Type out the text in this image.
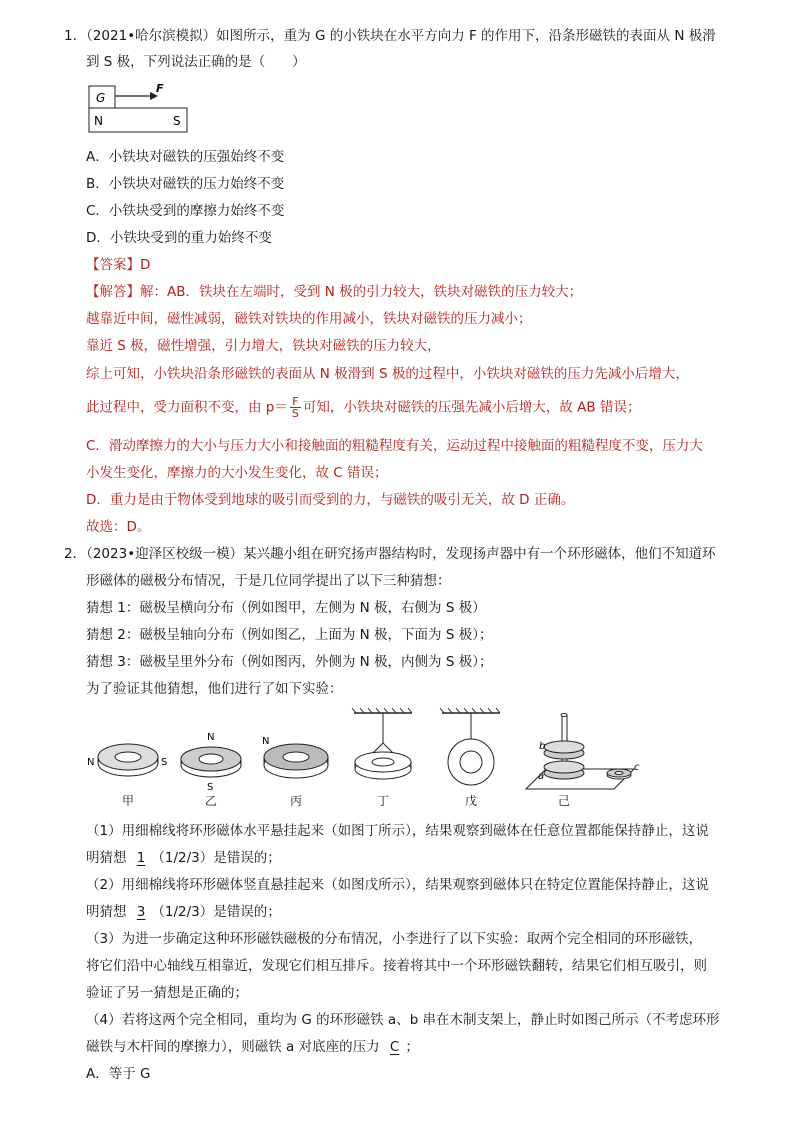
1．（2021•哈尔滨模拟）如图所示，重为 G 的小铁块在水平方向力 F 的作用下，沿条形磁铁的表面从 N 极滑
到 S 极，下列说法正确的是（　　）
G
F
N	S
A．小铁块对磁铁的压强始终不变
B．小铁块对磁铁的压力始终不变
C．小铁块受到的摩擦力始终不变
D．小铁块受到的重力始终不变
【答案】D
【解答】解：AB．铁块在左端时，受到 N 极的引力较大，铁块对磁铁的压力较大；
越靠近中间，磁性减弱，磁铁对铁块的作用减小，铁块对磁铁的压力减小；
靠近 S 极，磁性增强，引力增大，铁块对磁铁的压力较大，
综上可知，小铁块沿条形磁铁的表面从 N 极滑到 S 极的过程中，小铁块对磁铁的压力先减小后增大，
此过程中，受力面积不变，由 $p= \frac{F}{S}$ 可知，小铁块对磁铁的压强先减小后增大，故 AB 错误；
C．滑动摩擦力的大小与压力大小和接触面的粗糙程度有关，运动过程中接触面的粗糙程度不变，压力大
小发生变化，摩擦力的大小发生变化，故 C 错误；
D．重力是由于物体受到地球的吸引而受到的力，与磁铁的吸引无关，故 D 正确。
故选：D。
2．（2023•迎泽区校级一模）某兴趣小组在研究扬声器结构时，发现扬声器中有一个环形磁体，他们不知道环
形磁体的磁极分布情况，于是几位同学提出了以下三种猜想：
猜想 1：磁极呈横向分布（例如图甲，左侧为 N 极，右侧为 S 极）
猜想 2：磁极呈轴向分布（例如图乙，上面为 N 极，下面为 S 极）；
猜想 3：磁极呈里外分布（例如图丙，外侧为 N 极，内侧为 S 极）；
为了验证其他猜想，他们进行了如下实验：
N	S
N
S
N	b
a
c
甲	乙	丙	丁	戊	己
（1）用细棉线将环形磁体水平悬挂起来（如图丁所示），结果观察到磁体在任意位置都能保持静止，这说
明猜想 1 （1/2/3）是错误的；
（2）用细棉线将环形磁体竖直悬挂起来（如图戊所示），结果观察到磁体只在特定位置能保持静止，这说
明猜想 3 （1/2/3）是错误的；
（3）为进一步确定这种环形磁铁磁极的分布情况，小李进行了以下实验：取两个完全相同的环形磁铁，
将它们沿中心轴线互相靠近，发现它们相互排斥。接着将其中一个环形磁铁翻转，结果它们相互吸引，则
验证了另一猜想是正确的；
（4）若将这两个完全相同，重均为 G 的环形磁铁 a、b 串在木制支架上，静止时如图己所示（不考虑环形
磁铁与木杆间的摩擦力），则磁铁 a 对底座的压力 C ；
A．等于 G
